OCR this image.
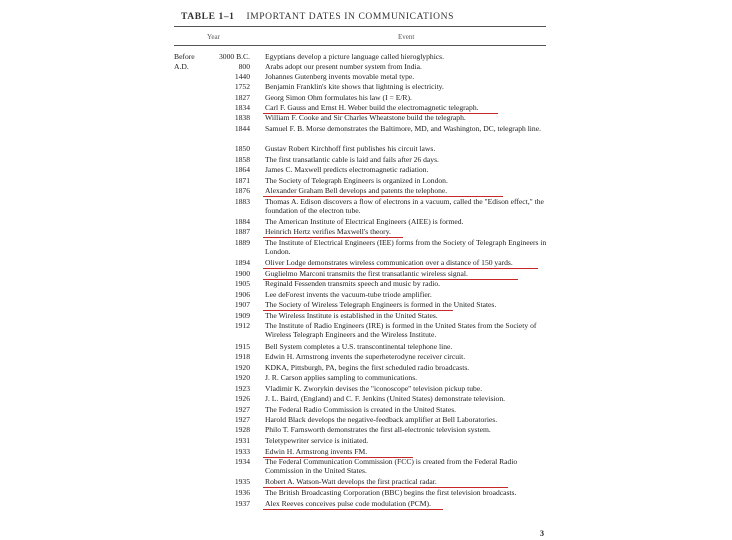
TABLE 1–1 IMPORTANT DATES IN COMMUNICATIONS
Year	Event
Before	3000 B.C. Egyptians develop a picture language called hieroglyphics.
A.D.	800 Arabs adopt our present number system from India.
1440 Johannes Gutenberg invents movable metal type.
1752 Benjamin Franklin's kite shows that lightning is electricity.
1827 Georg Simon Ohm formulates his law (I = E/R).
1834 Carl F. Gauss and Ernst H. Weber build the electromagnetic telegraph.
1838 William F. Cooke and Sir Charles Wheatstone build the telegraph.
1844 Samuel F. B. Morse demonstrates the Baltimore, MD, and Washington, DC, telegraph line.
1850 Gustav Robert Kirchhoff first publishes his circuit laws.
1858 The first transatlantic cable is laid and fails after 26 days.
1864 James C. Maxwell predicts electromagnetic radiation.
1871 The Society of Telegraph Engineers is organized in London.
1876 Alexander Graham Bell develops and patents the telephone.
1883 Thomas A. Edison discovers a flow of electrons in a vacuum, called the "Edison effect," the foundation of the electron tube.
1884 The American Institute of Electrical Engineers (AIEE) is formed.
1887 Heinrich Hertz verifies Maxwell's theory.
1889 The Institute of Electrical Engineers (IEE) forms from the Society of Telegraph Engineers in London.
1894 Oliver Lodge demonstrates wireless communication over a distance of 150 yards.
1900 Guglielmo Marconi transmits the first transatlantic wireless signal.
1905 Reginald Fessenden transmits speech and music by radio.
1906 Lee deForest invents the vacuum-tube triode amplifier.
1907 The Society of Wireless Telegraph Engineers is formed in the United States.
1909 The Wireless Institute is established in the United States.
1912 The Institute of Radio Engineers (IRE) is formed in the United States from the Society of Wireless Telegraph Engineers and the Wireless Institute.
1915 Bell System completes a U.S. transcontinental telephone line.
1918 Edwin H. Armstrong invents the superheterodyne receiver circuit.
1920 KDKA, Pittsburgh, PA, begins the first scheduled radio broadcasts.
1920 J. R. Carson applies sampling to communications.
1923 Vladimir K. Zworykin devises the "iconoscope" television pickup tube.
1926 J. L. Baird, (England) and C. F. Jenkins (United States) demonstrate television.
1927 The Federal Radio Commission is created in the United States.
1927 Harold Black develops the negative-feedback amplifier at Bell Laboratories.
1928 Philo T. Farnsworth demonstrates the first all-electronic television system.
1931 Teletypewriter service is initiated.
1933 Edwin H. Armstrong invents FM.
1934 The Federal Communication Commission (FCC) is created from the Federal Radio Commission in the United States.
1935 Robert A. Watson-Watt develops the first practical radar.
1936 The British Broadcasting Corporation (BBC) begins the first television broadcasts.
1937 Alex Reeves conceives pulse code modulation (PCM).
3
